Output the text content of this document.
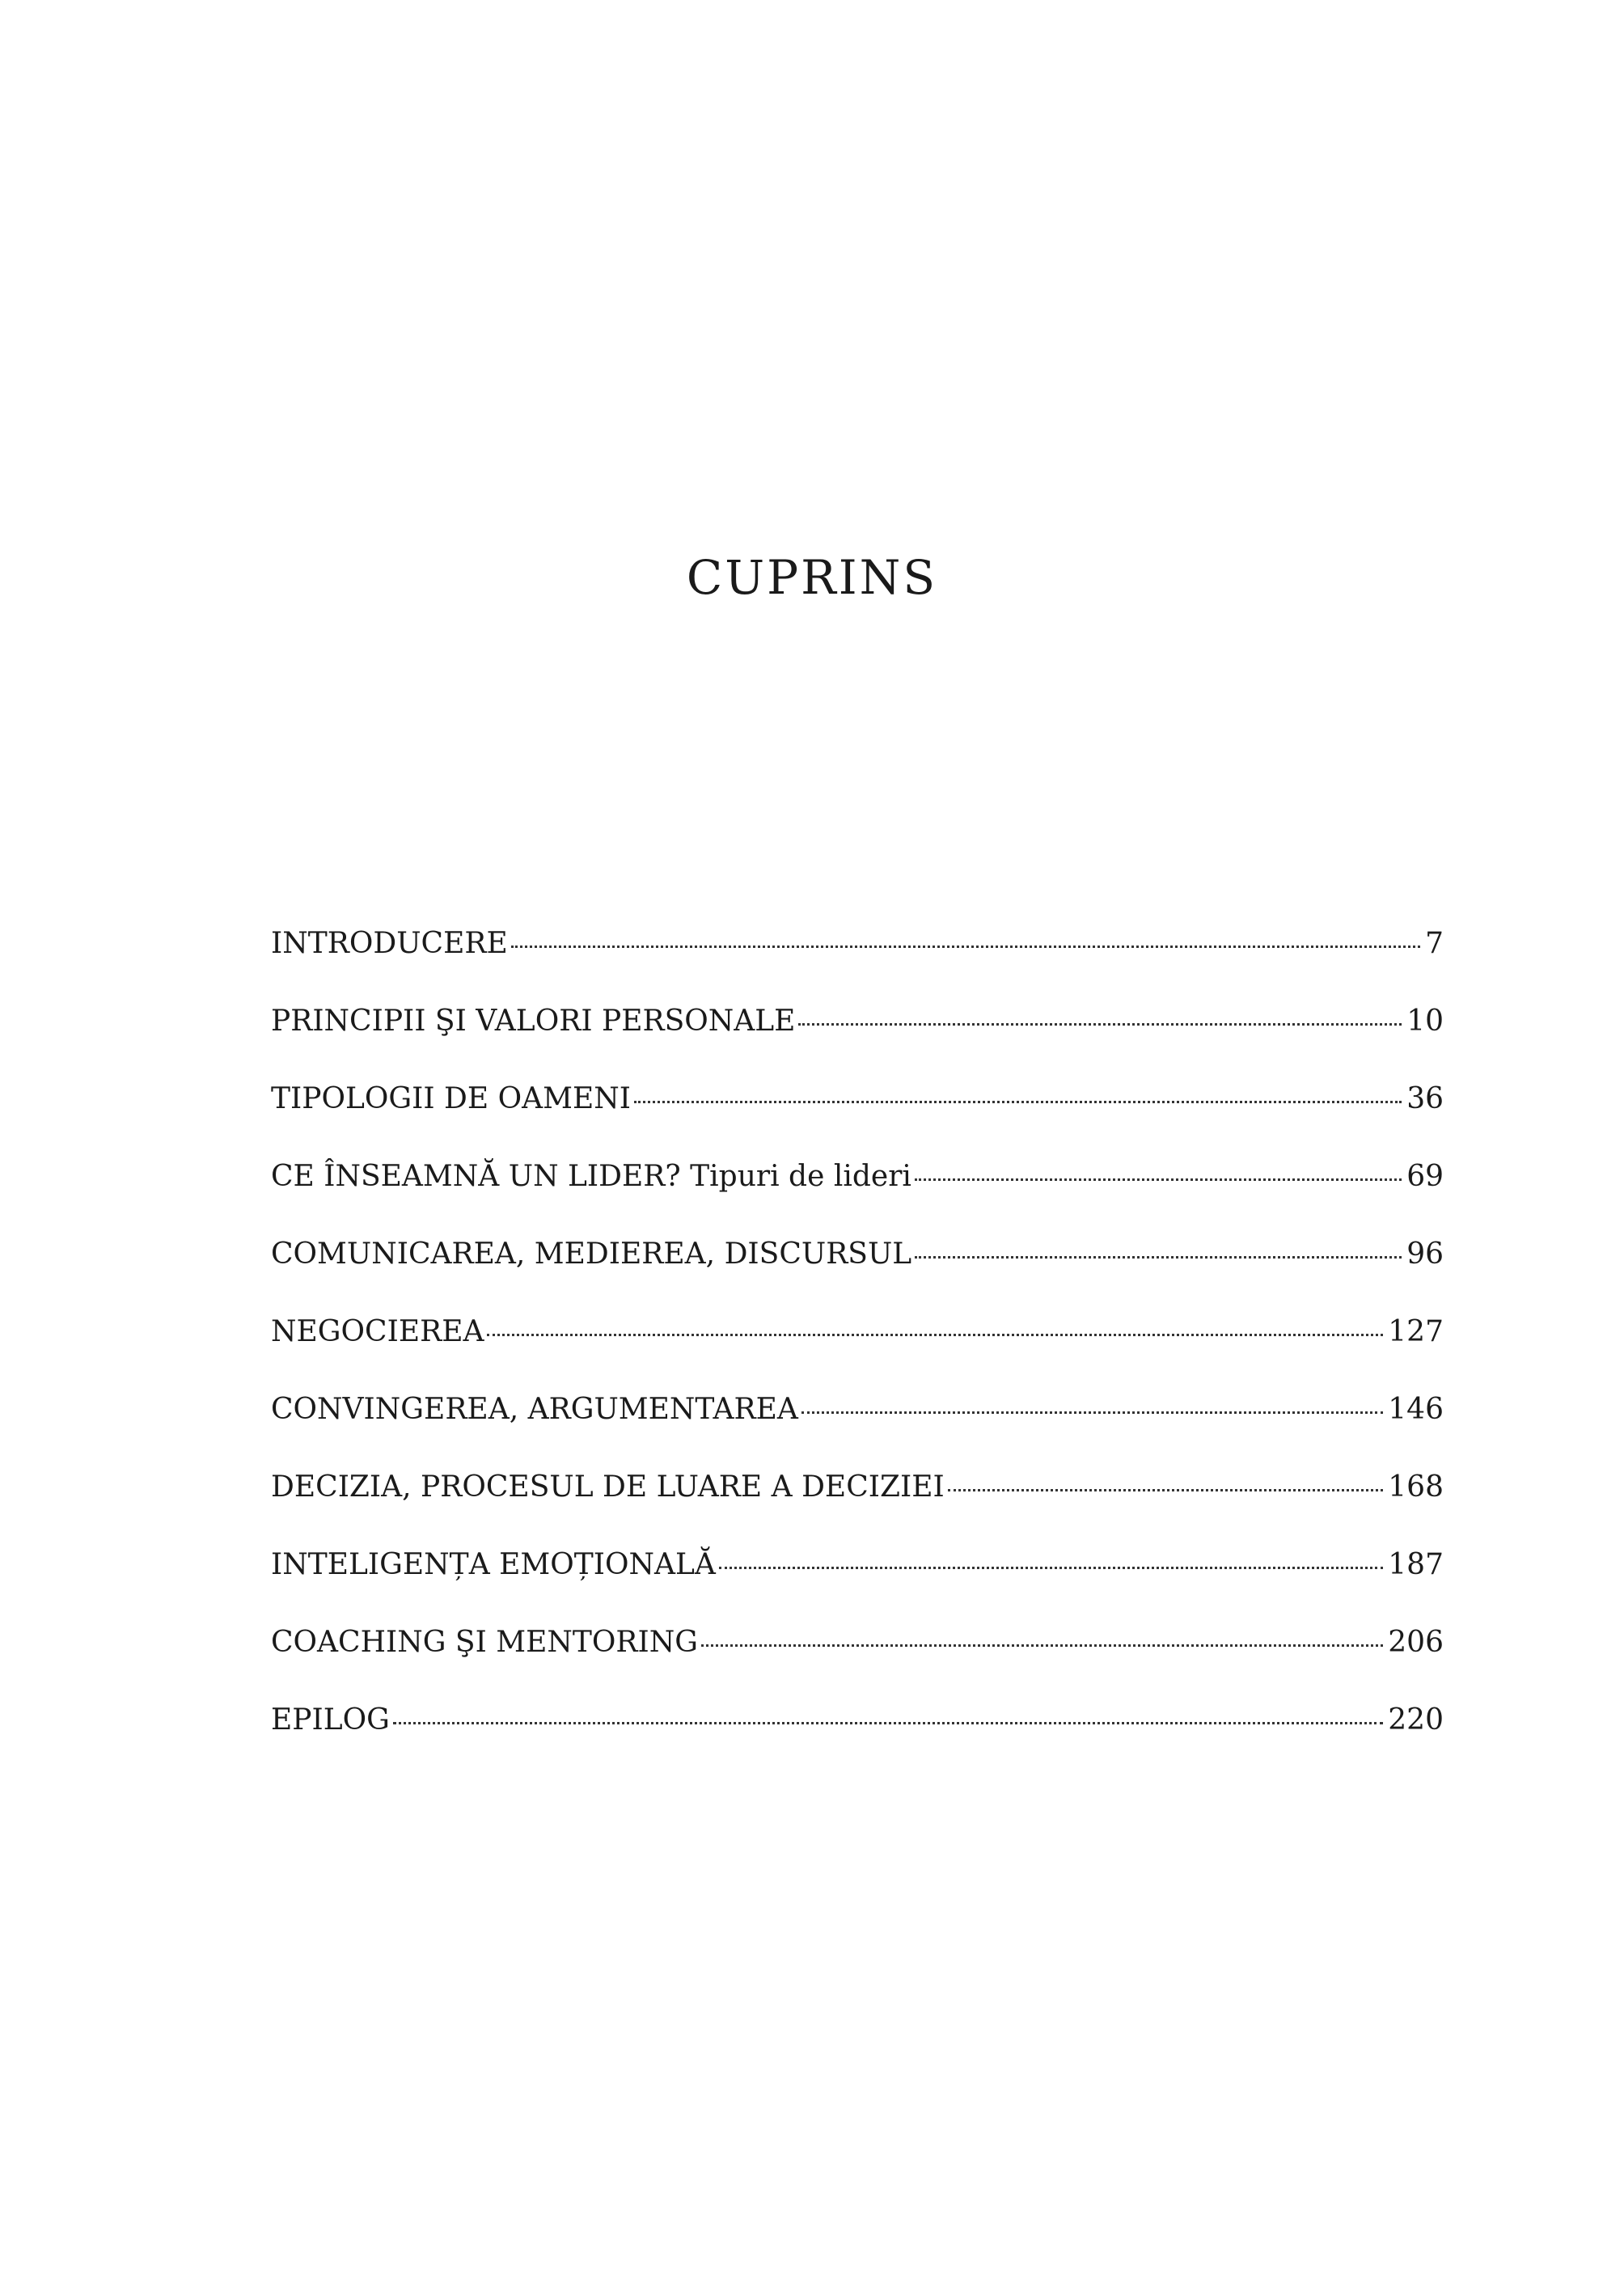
CUPRINS
INTRODUCERE	7
PRINCIPII ŞI VALORI PERSONALE	10
TIPOLOGII DE OAMENI	36
CE ÎNSEAMNĂ UN LIDER? Tipuri de lideri	69
COMUNICAREA, MEDIEREA, DISCURSUL	96
NEGOCIEREA	127
CONVINGEREA, ARGUMENTAREA	146
DECIZIA, PROCESUL DE LUARE A DECIZIEI	168
INTELIGENȚA EMOȚIONALĂ	187
COACHING ŞI MENTORING	206
EPILOG	220
